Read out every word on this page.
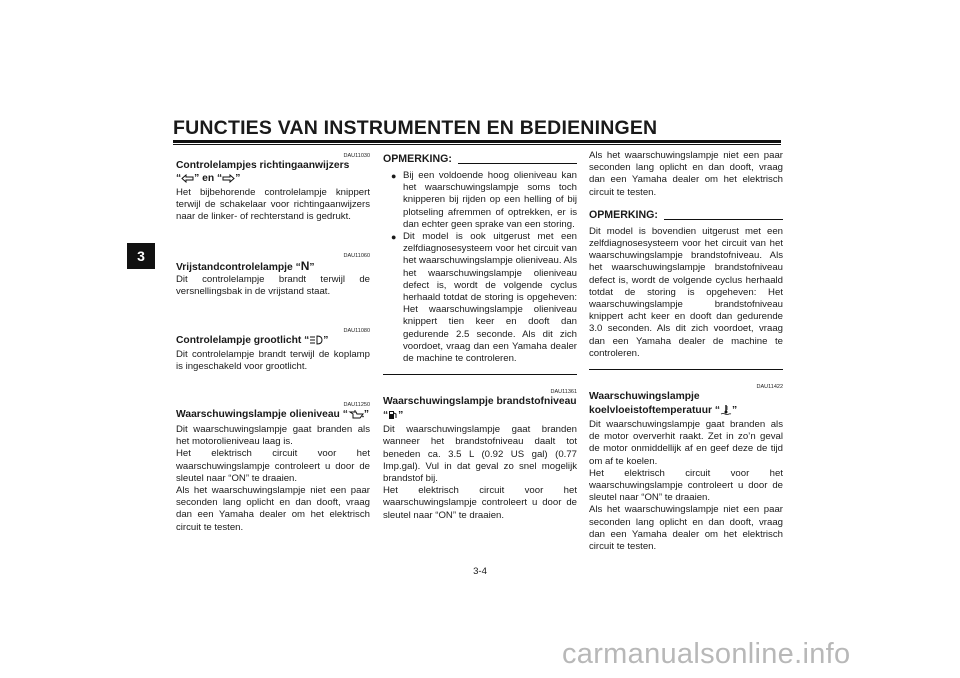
FUNCTIES VAN INSTRUMENTEN EN BEDIENINGEN
3
DAU11030
Controlelampjes richtingaanwijzers
“ ” en “ ”

Het bijbehorende controlelampje knippert terwijl de schakelaar voor richtingaanwijzers naar de linker- of rechterstand is gedrukt.

DAU11060
Vrijstandcontrolelampje “N”

Dit controlelampje brandt terwijl de versnellingsbak in de vrijstand staat.

DAU11080
Controlelampje grootlicht “ ”

Dit controlelampje brandt terwijl de koplamp is ingeschakeld voor grootlicht.

DAU11250
Waarschuwingslampje olieniveau “ ”

Dit waarschuwingslampje gaat branden als het motorolieniveau laag is.

Het elektrisch circuit voor het waarschuwingslampje controleert u door de sleutel naar “ON” te draaien.

Als het waarschuwingslampje niet een paar seconden lang oplicht en dan dooft, vraag dan een Yamaha dealer om het elektrisch circuit te testen.

OPMERKING:
● Bij een voldoende hoog olieniveau kan het waarschuwingslampje soms toch knipperen bij rijden op een helling of bij plotseling afremmen of optrekken, er is dan echter geen sprake van een storing.
● Dit model is ook uitgerust met een zelfdiagnosesysteem voor het circuit van het waarschuwingslampje olieniveau. Als het waarschuwingslampje olieniveau defect is, wordt de volgende cyclus herhaald totdat de storing is opgeheven: Het waarschuwingslampje olieniveau knippert tien keer en dooft dan gedurende 2.5 seconde. Als dit zich voordoet, vraag dan een Yamaha dealer de machine te controleren.
DAU11361
Waarschuwingslampje brandstofniveau
“ ”

Dit waarschuwingslampje gaat branden wanneer het brandstofniveau daalt tot beneden ca. 3.5 L (0.92 US gal) (0.77 Imp.gal). Vul in dat geval zo snel mogelijk brandstof bij.

Het elektrisch circuit voor het waarschuwingslampje controleert u door de sleutel naar “ON” te draaien.

Als het waarschuwingslampje niet een paar seconden lang oplicht en dan dooft, vraag dan een Yamaha dealer om het elektrisch circuit te testen.

OPMERKING:

Dit model is bovendien uitgerust met een zelfdiagnosesysteem voor het circuit van het waarschuwingslampje brandstofniveau. Als het waarschuwingslampje brandstofniveau defect is, wordt de volgende cyclus herhaald totdat de storing is opgeheven: Het waarschuwingslampje brandstofniveau knippert acht keer en dooft dan gedurende 3.0 seconden. Als dit zich voordoet, vraag dan een Yamaha dealer de machine te controleren.

DAU11422
Waarschuwingslampje
koelvloeistoftemperatuur “ ”

Dit waarschuwingslampje gaat branden als de motor oververhit raakt. Zet in zo’n geval de motor onmiddellijk af en geef deze de tijd om af te koelen.

Het elektrisch circuit voor het waarschuwingslampje controleert u door de sleutel naar “ON” te draaien.

Als het waarschuwingslampje niet een paar seconden lang oplicht en dan dooft, vraag dan een Yamaha dealer om het elektrisch circuit te testen.

3-4
carmanualsonline.info
